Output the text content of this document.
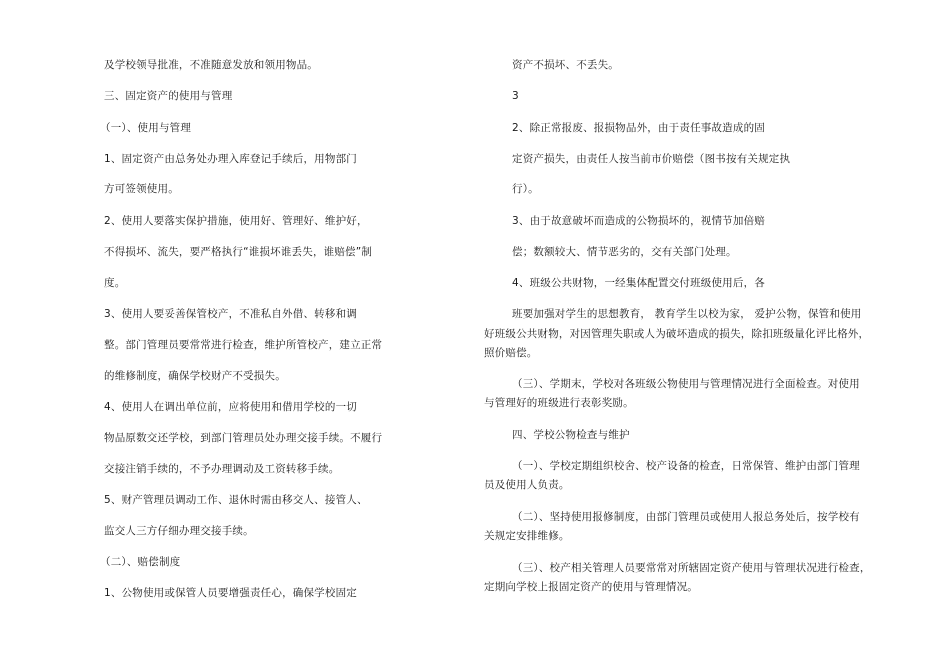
及学校领导批准，不准随意发放和领用物品。
三、固定资产的使用与管理
（一）、使用与管理
1、固定资产由总务处办理入库登记手续后，用物部门
方可签领使用。
2、使用人要落实保护措施，使用好、管理好、维护好，
不得损坏、流失，要严格执行“谁损坏谁丢失，谁赔偿”制
度。
3、使用人要妥善保管校产，不准私自外借、转移和调
整。部门管理员要常常进行检查，维护所管校产，建立正常
的维修制度，确保学校财产不受损失。
4、使用人在调出单位前，应将使用和借用学校的一切
物品原数交还学校，到部门管理员处办理交接手续。不履行
交接注销手续的，不予办理调动及工资转移手续。
5、财产管理员调动工作、退休时需由移交人、接管人、
监交人三方仔细办理交接手续。
（二）、赔偿制度
1、公物使用或保管人员要增强责任心，确保学校固定
资产不损坏、不丢失。
3
2、除正常报废、报损物品外，由于责任事故造成的固
定资产损失，由责任人按当前市价赔偿（图书按有关规定执
行）。
3、由于故意破坏而造成的公物损坏的，视情节加倍赔
偿；数额较大、情节恶劣的，交有关部门处理。
4、班级公共财物，一经集体配置交付班级使用后，各
班要加强对学生的思想教育， 教育学生以校为家， 爱护公物，保管和使用
好班级公共财物，对因管理失职或人为破坏造成的损失，除扣班级量化评比格外，
照价赔偿。
（三）、学期末，学校对各班级公物使用与管理情况进行全面检查。对使用
与管理好的班级进行表彰奖励。
四、学校公物检查与维护
（一）、学校定期组织校舍、校产设备的检查，日常保管、维护由部门管理
员及使用人负责。
（二）、坚持使用报修制度，由部门管理员或使用人报总务处后，按学校有
关规定安排维修。
（三）、校产相关管理人员要常常对所辖固定资产使用与管理状况进行检查，
定期向学校上报固定资产的使用与管理情况。
